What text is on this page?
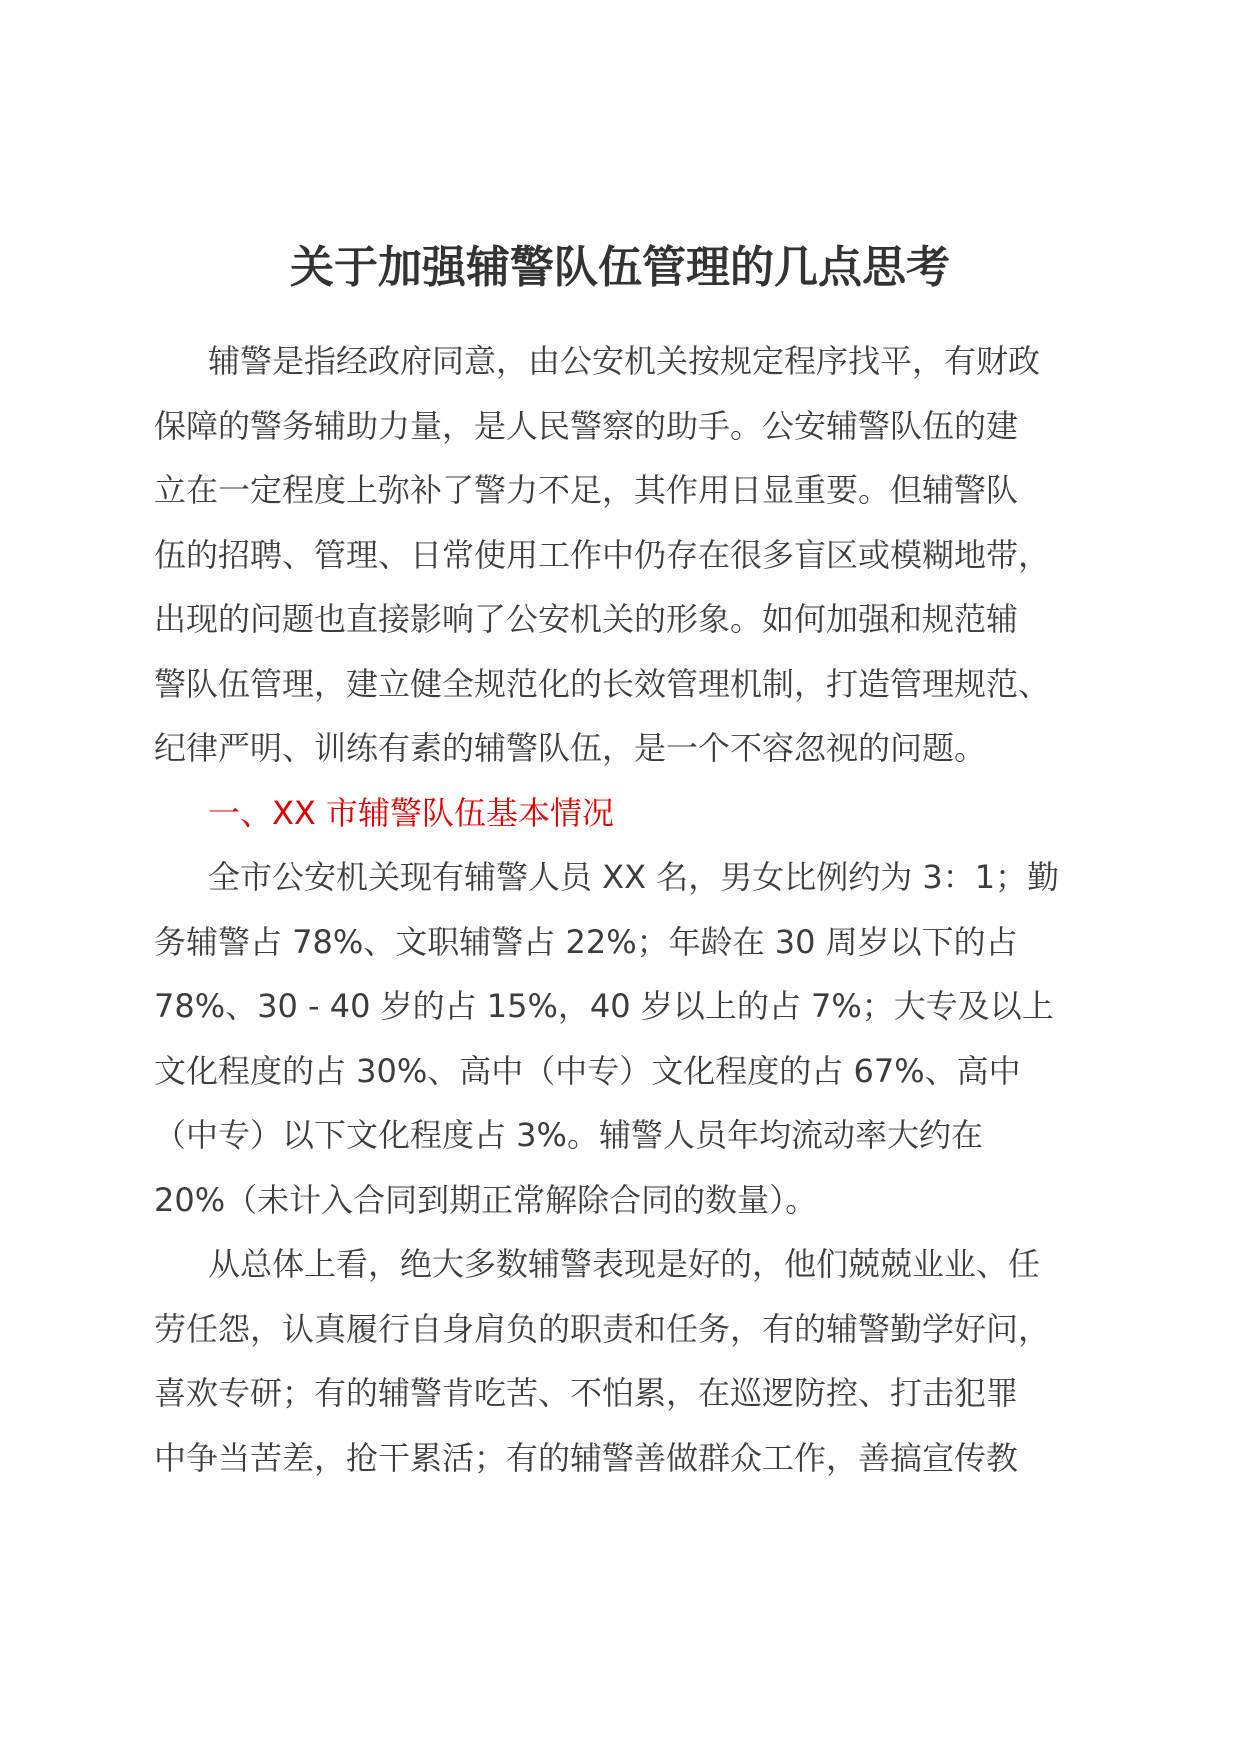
关于加强辅警队伍管理的几点思考
辅警是指经政府同意，由公安机关按规定程序找平，有财政
保障的警务辅助力量，是人民警察的助手。公安辅警队伍的建
立在一定程度上弥补了警力不足，其作用日显重要。但辅警队
伍的招聘、管理、日常使用工作中仍存在很多盲区或模糊地带，
出现的问题也直接影响了公安机关的形象。如何加强和规范辅
警队伍管理，建立健全规范化的长效管理机制，打造管理规范、
纪律严明、训练有素的辅警队伍，是一个不容忽视的问题。
一、XX 市辅警队伍基本情况
全市公安机关现有辅警人员 XX 名，男女比例约为 3：1；勤
务辅警占 78%、文职辅警占 22%；年龄在 30 周岁以下的占
78%、30 - 40 岁的占 15%，40 岁以上的占 7%；大专及以上
文化程度的占 30%、高中（中专）文化程度的占 67%、高中
（中专）以下文化程度占 3%。辅警人员年均流动率大约在
20%（未计入合同到期正常解除合同的数量）。
从总体上看，绝大多数辅警表现是好的，他们兢兢业业、任
劳任怨，认真履行自身肩负的职责和任务，有的辅警勤学好问，
喜欢专研；有的辅警肯吃苦、不怕累，在巡逻防控、打击犯罪
中争当苦差，抢干累活；有的辅警善做群众工作，善搞宣传教
